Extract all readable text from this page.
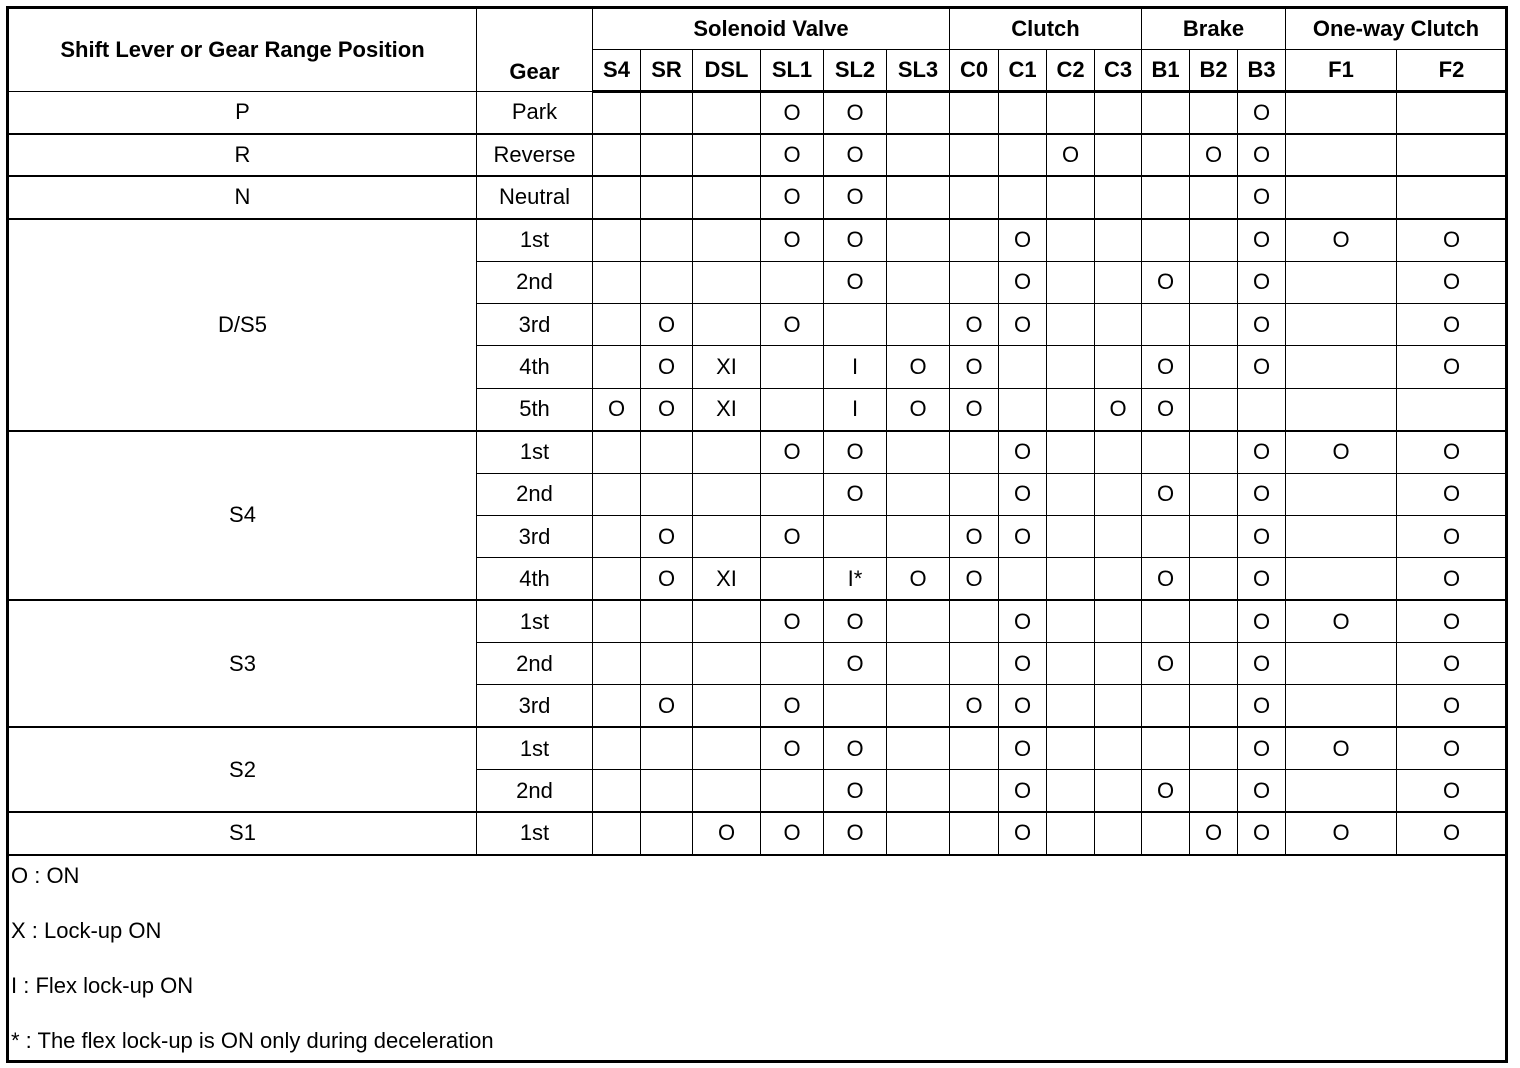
Shift Lever or Gear Range Position	Gear	Solenoid Valve						Clutch				Brake			One-way Clutch	
		S4	SR	DSL	SL1	SL2	SL3	C0	C1	C2	C3	B1	B2	B3	F1	F2
P	Park				O	O								O		
R	Reverse				O	O				O			O	O		
N	Neutral				O	O								O		
D/S5	1st				O	O			O					O	O	O
	2nd					O			O			O		O		O
	3rd		O		O			O	O					O		O
	4th		O	XI		I	O	O				O		O		O
	5th	O	O	XI		I	O	O			O	O				
S4	1st				O	O			O					O	O	O
	2nd					O			O			O		O		O
	3rd		O		O			O	O					O		O
	4th		O	XI		I*	O	O				O		O		O
S3	1st				O	O			O					O	O	O
	2nd					O			O			O		O		O
	3rd		O		O			O	O					O		O
S2	1st				O	O			O					O	O	O
	2nd					O			O			O		O		O
S1	1st			O	O	O			O				O	O	O	O
O : ON
X : Lock-up ON
I : Flex lock-up ON
* : The flex lock-up is ON only during deceleration
